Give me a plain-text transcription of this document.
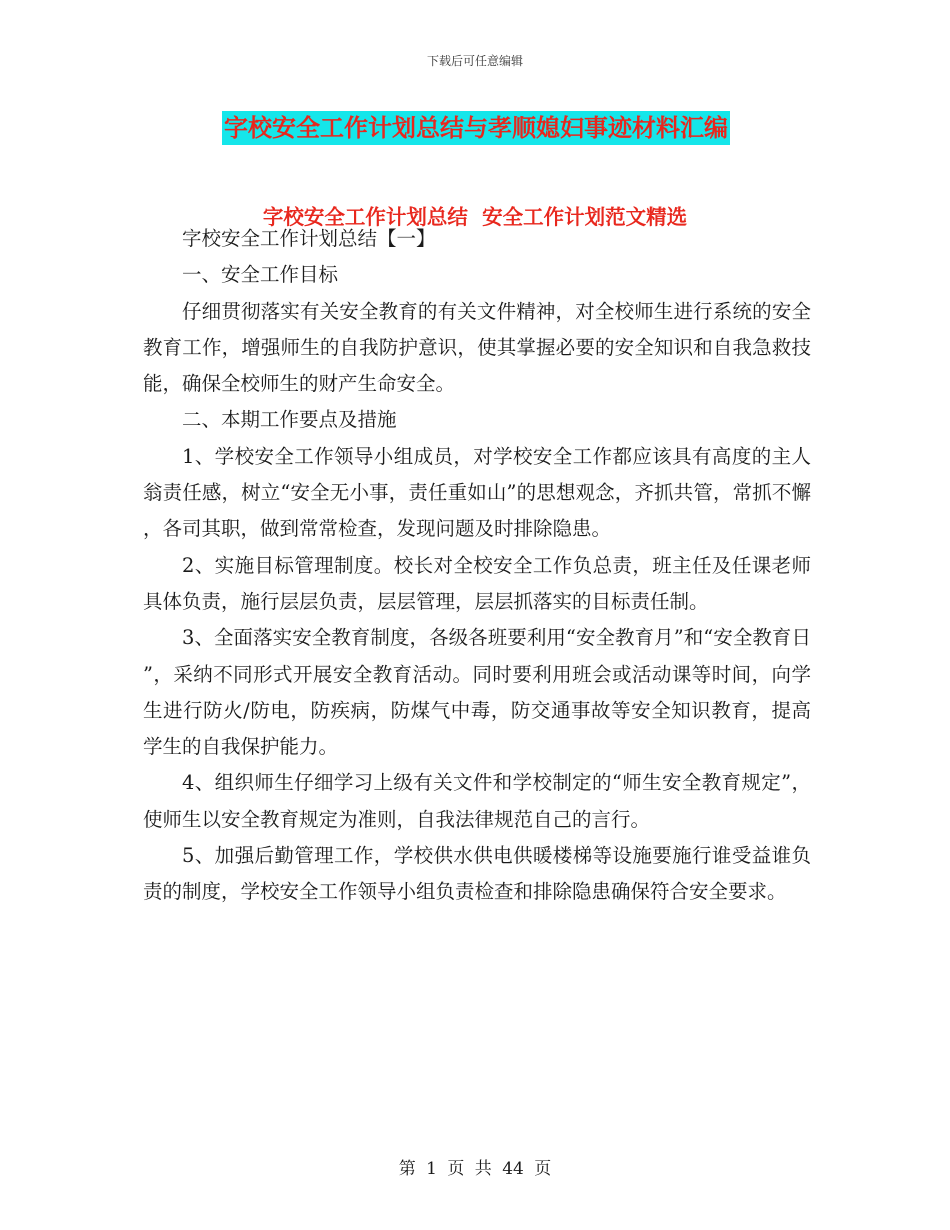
下载后可任意编辑
字校安全工作计划总结与孝顺媳妇事迹材料汇编
字校安全工作计划总结  安全工作计划范文精选

字校安全工作计划总结【一】

一、安全工作目标

仔细贯彻落实有关安全教育的有关文件精神，对全校师生进行系统的安全教育工作，增强师生的自我防护意识，使其掌握必要的安全知识和自我急救技能，确保全校师生的财产生命安全。

二、本期工作要点及措施

1、学校安全工作领导小组成员，对学校安全工作都应该具有高度的主人翁责任感，树立“安全无小事，责任重如山”的思想观念，齐抓共管，常抓不懈，各司其职，做到常常检查，发现问题及时排除隐患。

2、实施目标管理制度。校长对全校安全工作负总责，班主任及任课老师具体负责，施行层层负责，层层管理，层层抓落实的目标责任制。

3、全面落实安全教育制度，各级各班要利用“安全教育月”和“安全教育日”，采纳不同形式开展安全教育活动。同时要利用班会或活动课等时间，向学生进行防火/防电，防疾病，防煤气中毒，防交通事故等安全知识教育，提高学生的自我保护能力。

4、组织师生仔细学习上级有关文件和学校制定的“师生安全教育规定”，使师生以安全教育规定为准则，自我法律规范自己的言行。

5、加强后勤管理工作，学校供水供电供暖楼梯等设施要施行谁受益谁负责的制度，学校安全工作领导小组负责检查和排除隐患确保符合安全要求。

第 1 页 共 44 页
